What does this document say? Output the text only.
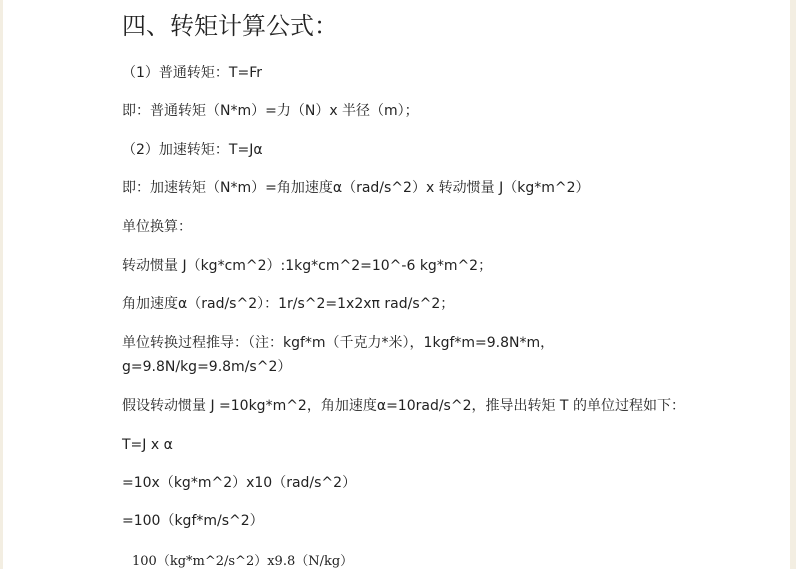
四、转矩计算公式：
（1）普通转矩：T=Fr
即：普通转矩（N*m）=力（N）x 半径（m）；
（2）加速转矩：T=Jα
即：加速转矩（N*m）=角加速度α（rad/s^2）x 转动惯量 J（kg*m^2）
单位换算：
转动惯量 J（kg*cm^2）:1kg*cm^2=10^-6 kg*m^2；
角加速度α（rad/s^2）：1r/s^2=1x2xπ rad/s^2；
单位转换过程推导：（注：kgf*m（千克力*米），1kgf*m=9.8N*m，
g=9.8N/kg=9.8m/s^2）
假设转动惯量 J =10kg*m^2，角加速度α=10rad/s^2，推导出转矩 T 的单位过程如下：
T=J x α
=10x（kg*m^2）x10（rad/s^2）
=100（kgf*m/s^2）
100（kg*m^2/s^2）x9.8（N/kg）
